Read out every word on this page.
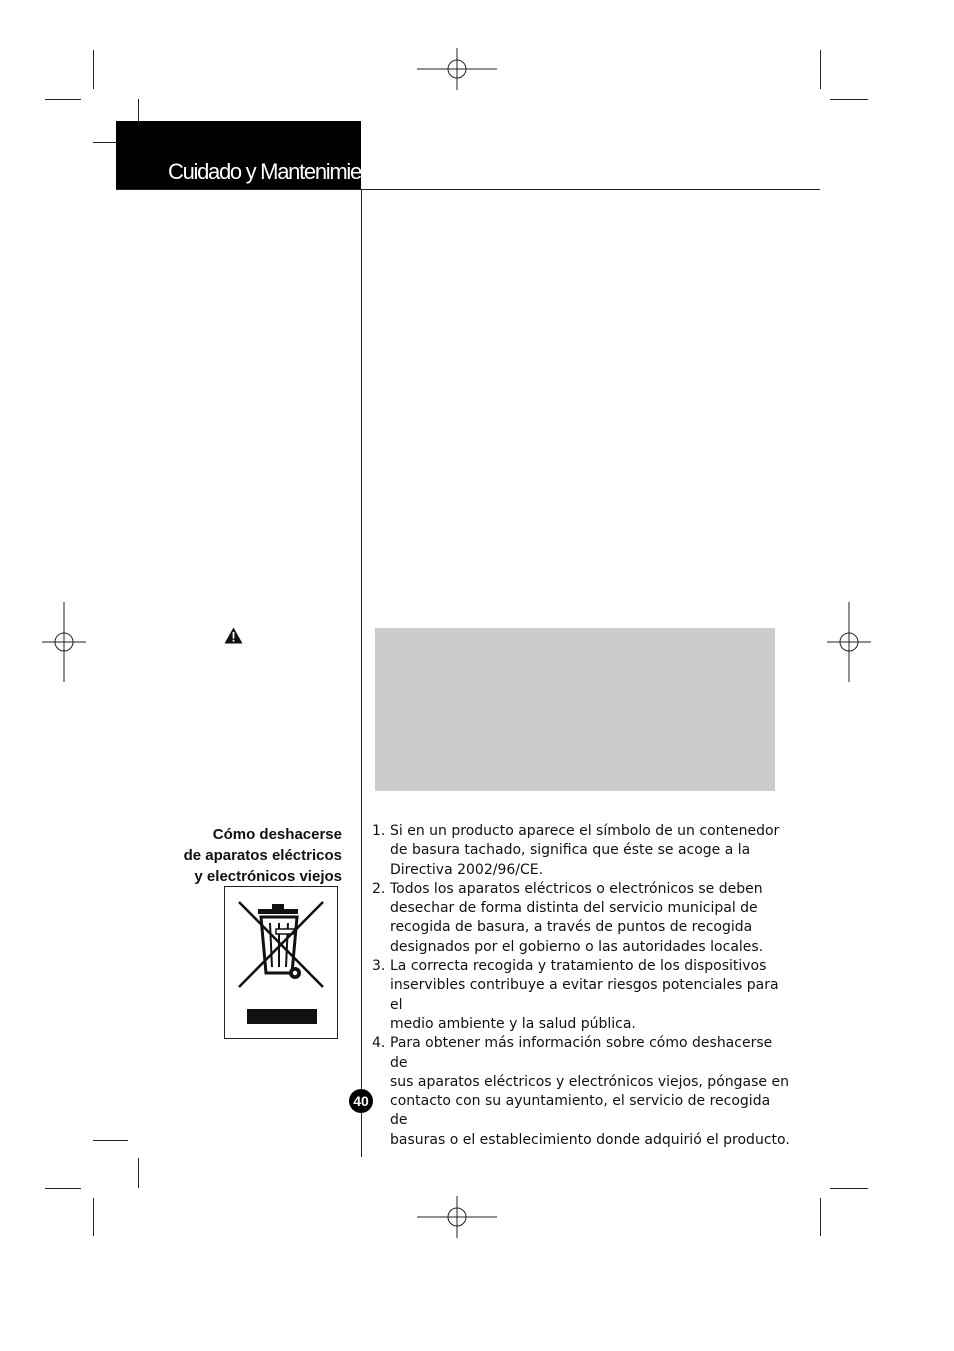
Cuidado y Mantenimiento
Cómo deshacerse
de aparatos eléctricos
y electrónicos viejos
1. Si en un producto aparece el símbolo de un contenedor
de basura tachado, significa que éste se acoge a la
Directiva 2002/96/CE.
2. Todos los aparatos eléctricos o electrónicos se deben
desechar de forma distinta del servicio municipal de
recogida de basura, a través de puntos de recogida
designados por el gobierno o las autoridades locales.
3. La correcta recogida y tratamiento de los dispositivos
inservibles contribuye a evitar riesgos potenciales para el
medio ambiente y la salud pública.
4. Para obtener más información sobre cómo deshacerse de
sus aparatos eléctricos y electrónicos viejos, póngase en
contacto con su ayuntamiento, el servicio de recogida de
basuras o el establecimiento donde adquirió el producto.
40
